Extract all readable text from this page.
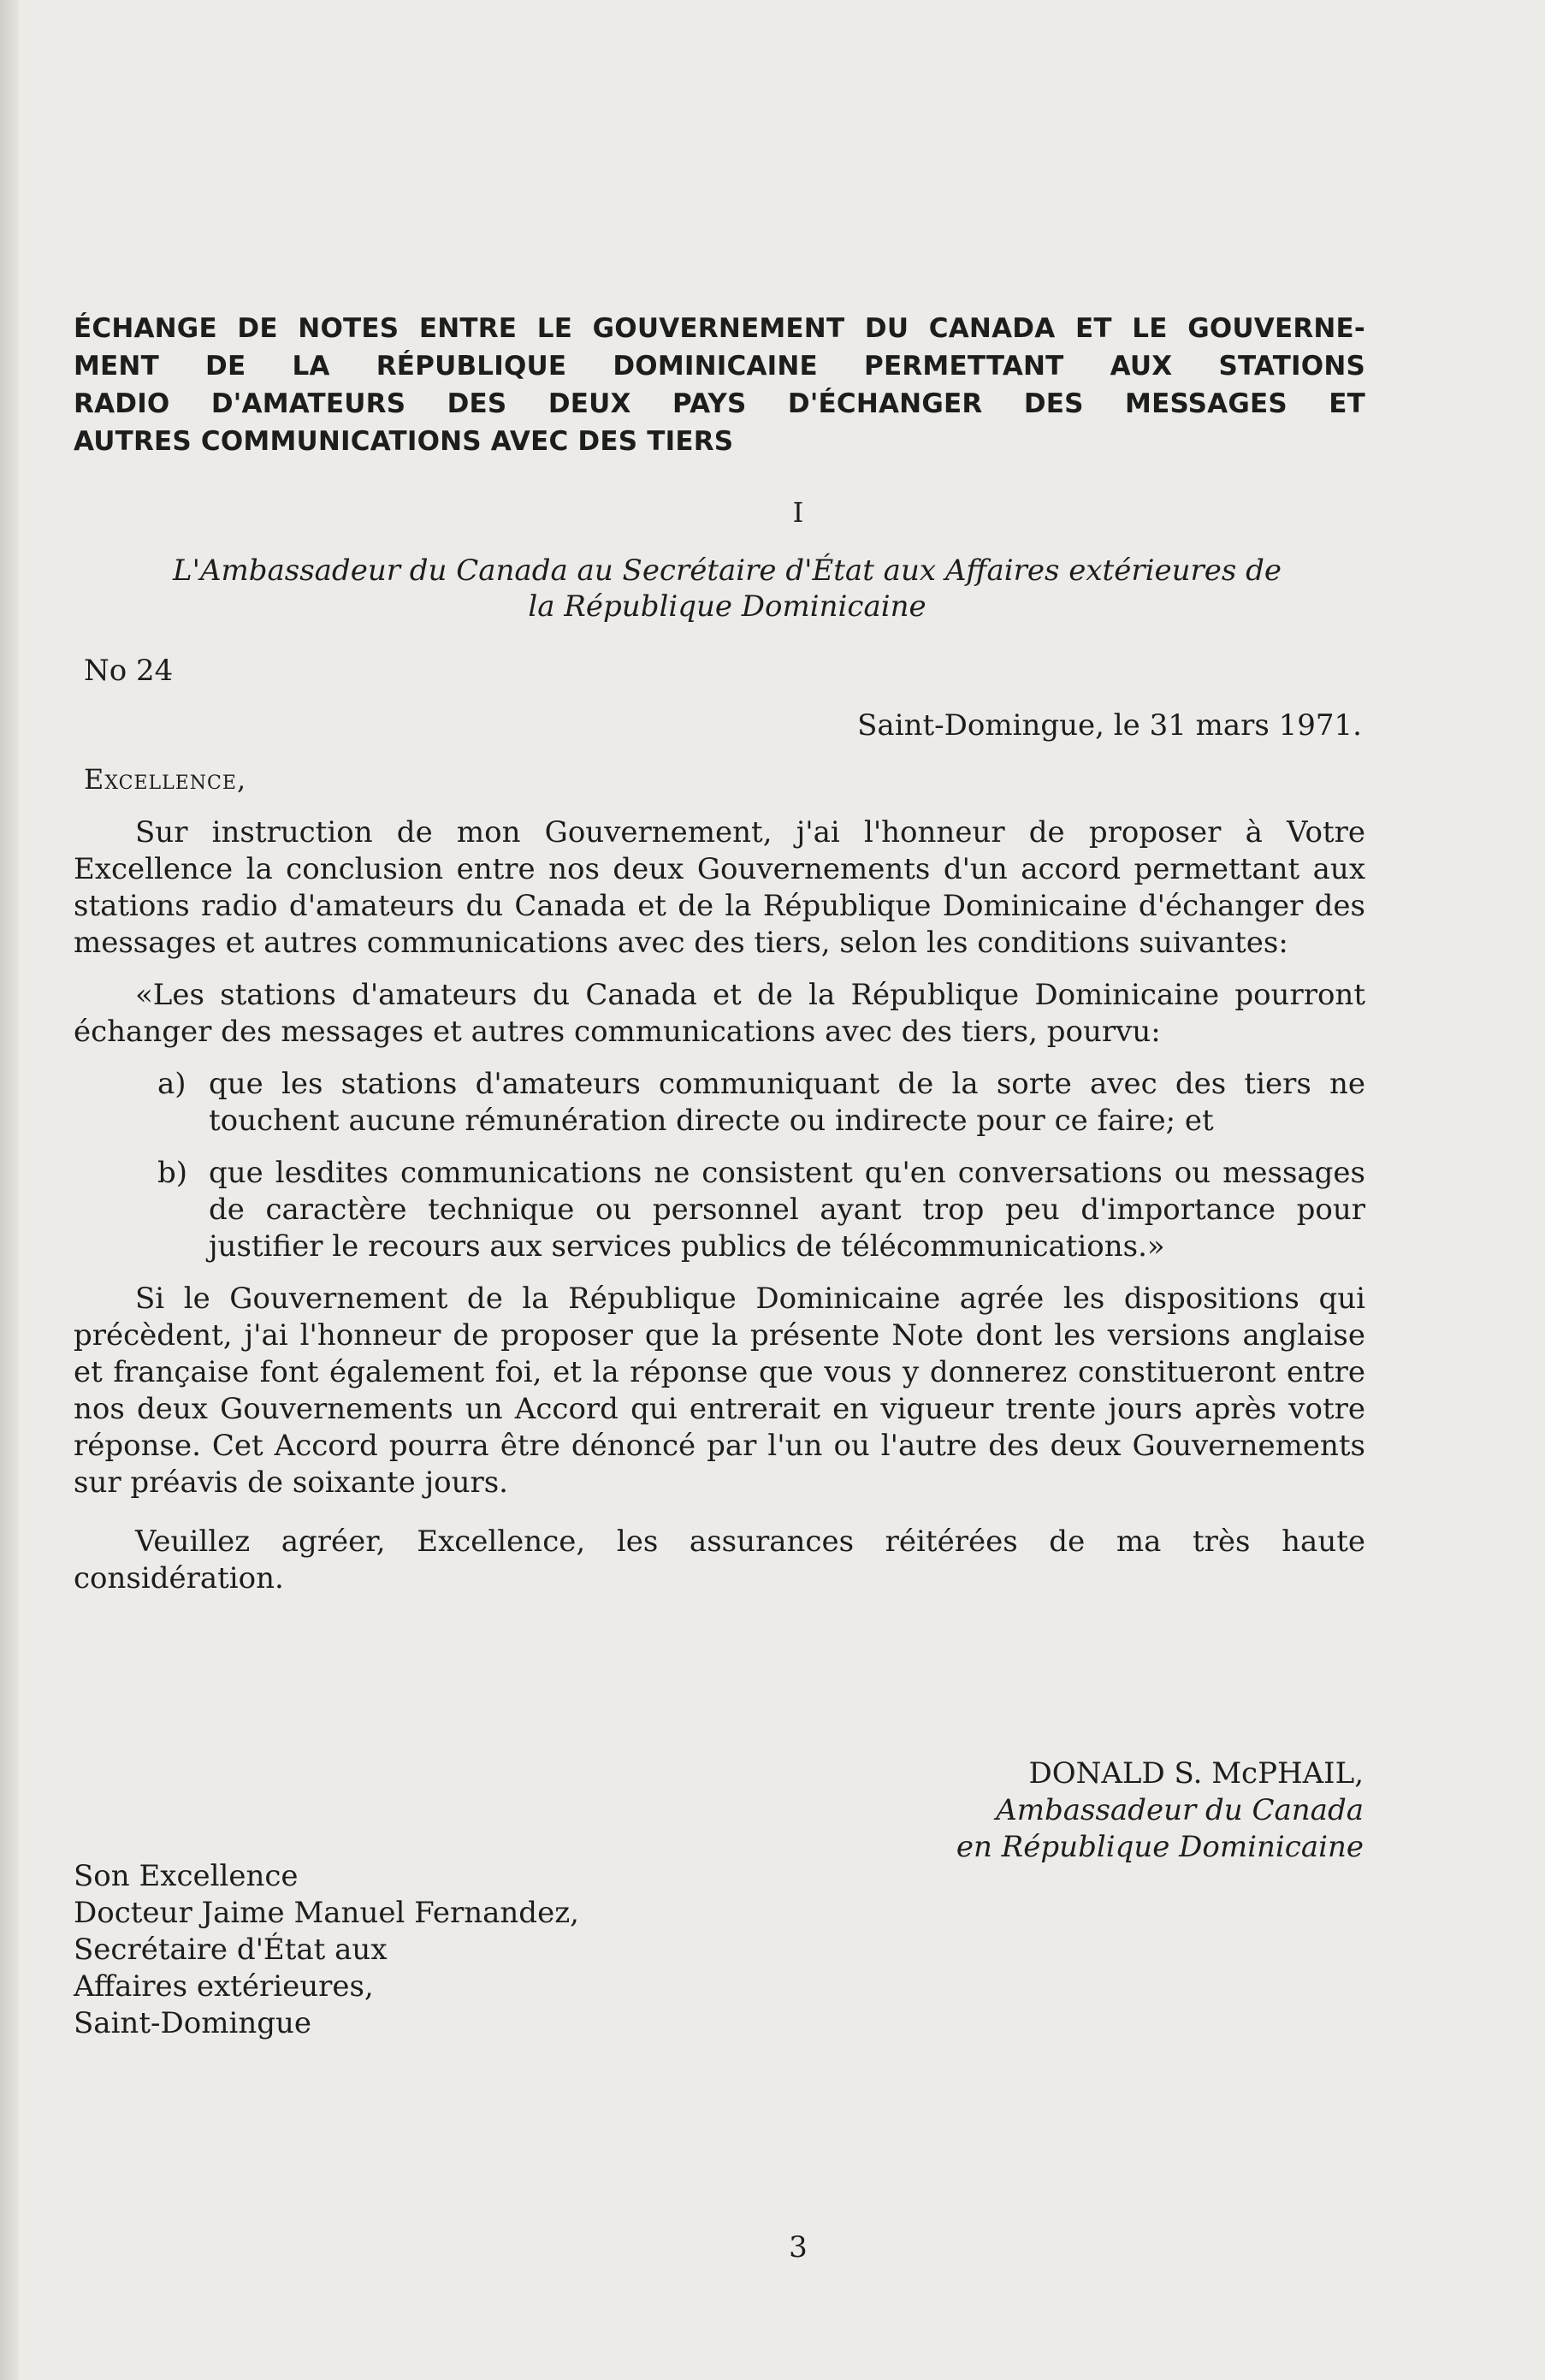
ÉCHANGE DE NOTES ENTRE LE GOUVERNEMENT DU CANADA ET LE GOUVERNE-
MENT DE LA RÉPUBLIQUE DOMINICAINE PERMETTANT AUX STATIONS
RADIO D'AMATEURS DES DEUX PAYS D'ÉCHANGER DES MESSAGES ET
AUTRES COMMUNICATIONS AVEC DES TIERS
I
L'Ambassadeur du Canada au Secrétaire d'État aux Affaires extérieures de
la République Dominicaine
No 24
Saint-Domingue, le 31 mars 1971.
Excellence,

Sur instruction de mon Gouvernement, j'ai l'honneur de proposer à Votre Excellence la conclusion entre nos deux Gouvernements d'un accord permettant aux stations radio d'amateurs du Canada et de la République Dominicaine d'échanger des messages et autres communications avec des tiers, selon les conditions suivantes:

«Les stations d'amateurs du Canada et de la République Dominicaine pourront échanger des messages et autres communications avec des tiers, pourvu:

a) que les stations d'amateurs communiquant de la sorte avec des tiers ne touchent aucune rémunération directe ou indirecte pour ce faire; et
b) que lesdites communications ne consistent qu'en conversations ou messages de caractère technique ou personnel ayant trop peu d'importance pour justifier le recours aux services publics de télécommunications.»

Si le Gouvernement de la République Dominicaine agrée les dispositions qui précèdent, j'ai l'honneur de proposer que la présente Note dont les versions anglaise et française font également foi, et la réponse que vous y donnerez constitueront entre nos deux Gouvernements un Accord qui entrerait en vigueur trente jours après votre réponse. Cet Accord pourra être dénoncé par l'un ou l'autre des deux Gouvernements sur préavis de soixante jours.

Veuillez agréer, Excellence, les assurances réitérées de ma très haute considération.

DONALD S. McPHAIL,
Ambassadeur du Canada
en République Dominicaine
Son Excellence
Docteur Jaime Manuel Fernandez,
Secrétaire d'État aux
Affaires extérieures,
Saint-Domingue
3
